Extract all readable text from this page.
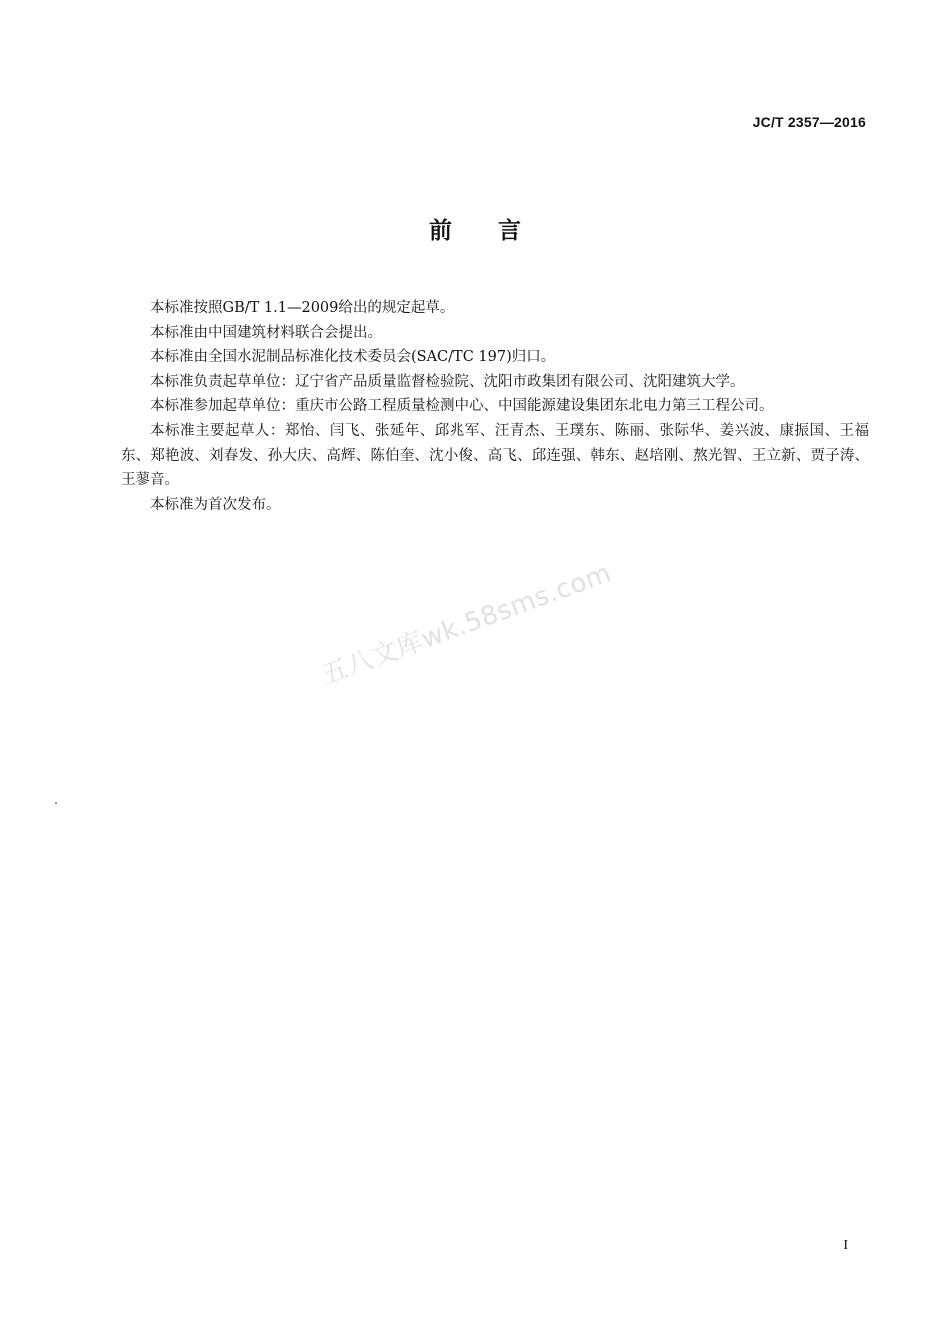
JC/T 2357—2016
前 言

本标准按照GB/T 1.1—2009给出的规定起草。

本标准由中国建筑材料联合会提出。

本标准由全国水泥制品标准化技术委员会(SAC/TC 197)归口。

本标准负责起草单位：辽宁省产品质量监督检验院、沈阳市政集团有限公司、沈阳建筑大学。

本标准参加起草单位：重庆市公路工程质量检测中心、中国能源建设集团东北电力第三工程公司。

本标准主要起草人：郑怡、闫飞、张延年、邱兆军、汪青杰、王璞东、陈丽、张际华、姜兴波、康振国、王福东、郑艳波、刘春发、孙大庆、高辉、陈伯奎、沈小俊、高飞、邱连强、韩东、赵培刚、熬光智、王立新、贾子涛、王蓼音。

本标准为首次发布。

五八文库wk.58sms.com
I
